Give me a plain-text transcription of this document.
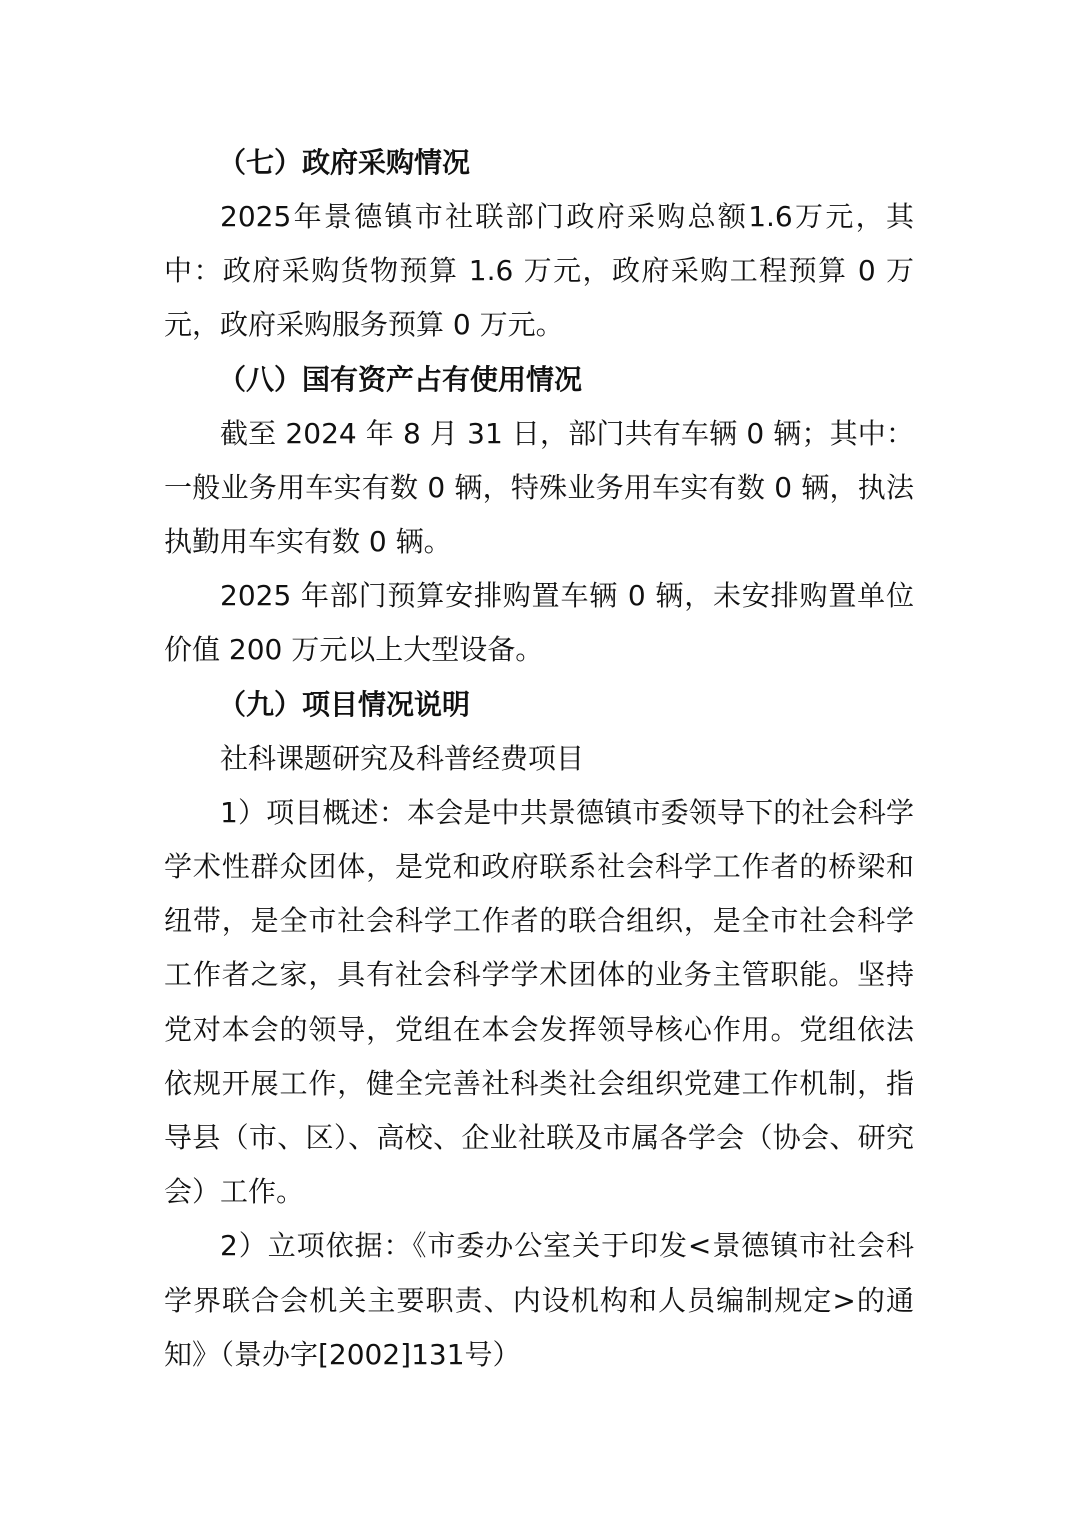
（七）政府采购情况

2025年景德镇市社联部门政府采购总额1.6万元，其中：政府采购货物预算 1.6 万元，政府采购工程预算 0 万元，政府采购服务预算 0 万元。

（八）国有资产占有使用情况

截至 2024 年 8 月 31 日，部门共有车辆 0 辆；其中：一般业务用车实有数 0 辆，特殊业务用车实有数 0 辆，执法执勤用车实有数 0 辆。

2025 年部门预算安排购置车辆 0 辆，未安排购置单位价值 200 万元以上大型设备。

（九）项目情况说明

社科课题研究及科普经费项目

1）项目概述：本会是中共景德镇市委领导下的社会科学学术性群众团体，是党和政府联系社会科学工作者的桥梁和纽带，是全市社会科学工作者的联合组织，是全市社会科学工作者之家，具有社会科学学术团体的业务主管职能。坚持党对本会的领导，党组在本会发挥领导核心作用。党组依法依规开展工作，健全完善社科类社会组织党建工作机制，指导县（市、区）、高校、企业社联及市属各学会（协会、研究会）工作。

2）立项依据：《市委办公室关于印发<景德镇市社会科学界联合会机关主要职责、内设机构和人员编制规定>的通知》（景办字[2002]131号）
